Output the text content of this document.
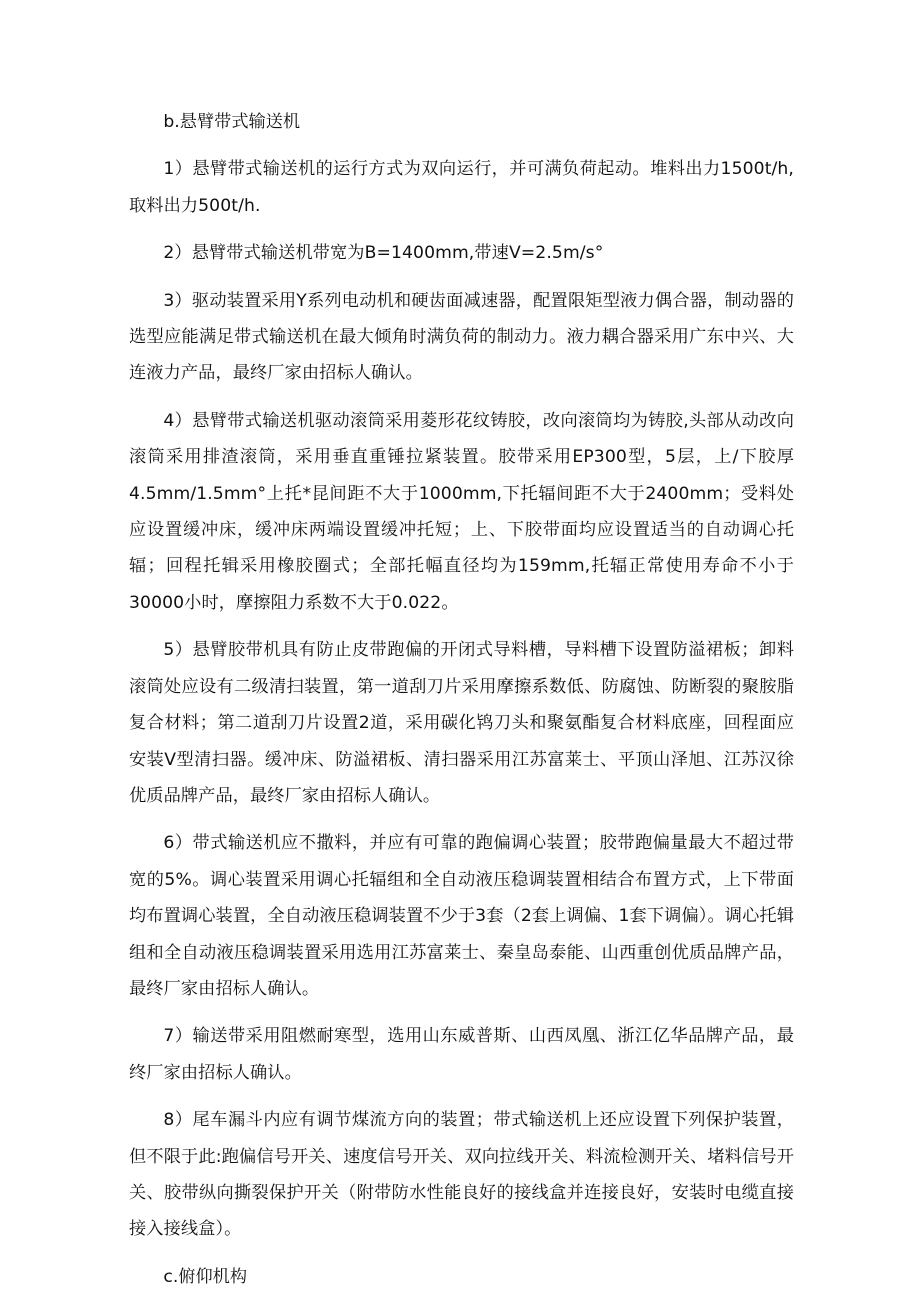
b.悬臂带式输送机

1）悬臂带式输送机的运行方式为双向运行，并可满负荷起动。堆料出力1500t/h,取料出力500t/h.

2）悬臂带式输送机带宽为B=1400mm,带速V=2.5m/s°

3）驱动装置采用Y系列电动机和硬齿面减速器，配置限矩型液力偶合器，制动器的选型应能满足带式输送机在最大倾角时满负荷的制动力。液力耦合器采用广东中兴、大连液力产品，最终厂家由招标人确认。

4）悬臂带式输送机驱动滚筒采用菱形花纹铸胶，改向滚筒均为铸胶,头部从动改向滚筒采用排渣滚筒，采用垂直重锤拉紧装置。胶带采用EP300型，5层，上/下胶厚4.5mm/1.5mm°上托*昆间距不大于1000mm,下托辐间距不大于2400mm；受料处应设置缓冲床，缓冲床两端设置缓冲托短；上、下胶带面均应设置适当的自动调心托辐；回程托辑采用橡胶圈式；全部托幅直径均为159mm,托辐正常使用寿命不小于30000小时，摩擦阻力系数不大于0.022。

5）悬臂胶带机具有防止皮带跑偏的开闭式导料槽，导料槽下设置防溢裙板；卸料滚筒处应设有二级清扫装置，第一道刮刀片采用摩擦系数低、防腐蚀、防断裂的聚胺脂复合材料；第二道刮刀片设置2道，采用碳化鸨刀头和聚氨酯复合材料底座，回程面应安装V型清扫器。缓冲床、防溢裙板、清扫器采用江苏富莱士、平顶山泽旭、江苏汉徐优质品牌产品，最终厂家由招标人确认。

6）带式输送机应不撒料，并应有可靠的跑偏调心装置；胶带跑偏量最大不超过带宽的5%。调心装置采用调心托辐组和全自动液压稳调装置相结合布置方式，上下带面均布置调心装置，全自动液压稳调装置不少于3套（2套上调偏、1套下调偏）。调心托辑组和全自动液压稳调装置采用选用江苏富莱士、秦皇岛泰能、山西重创优质品牌产品，最终厂家由招标人确认。

7）输送带采用阻燃耐寒型，选用山东威普斯、山西凤凰、浙江亿华品牌产品，最终厂家由招标人确认。

8）尾车漏斗内应有调节煤流方向的装置；带式输送机上还应设置下列保护装置，但不限于此:跑偏信号开关、速度信号开关、双向拉线开关、料流检测开关、堵料信号开关、胶带纵向撕裂保护开关（附带防水性能良好的接线盒并连接良好，安装时电缆直接接入接线盒）。

c.俯仰机构
